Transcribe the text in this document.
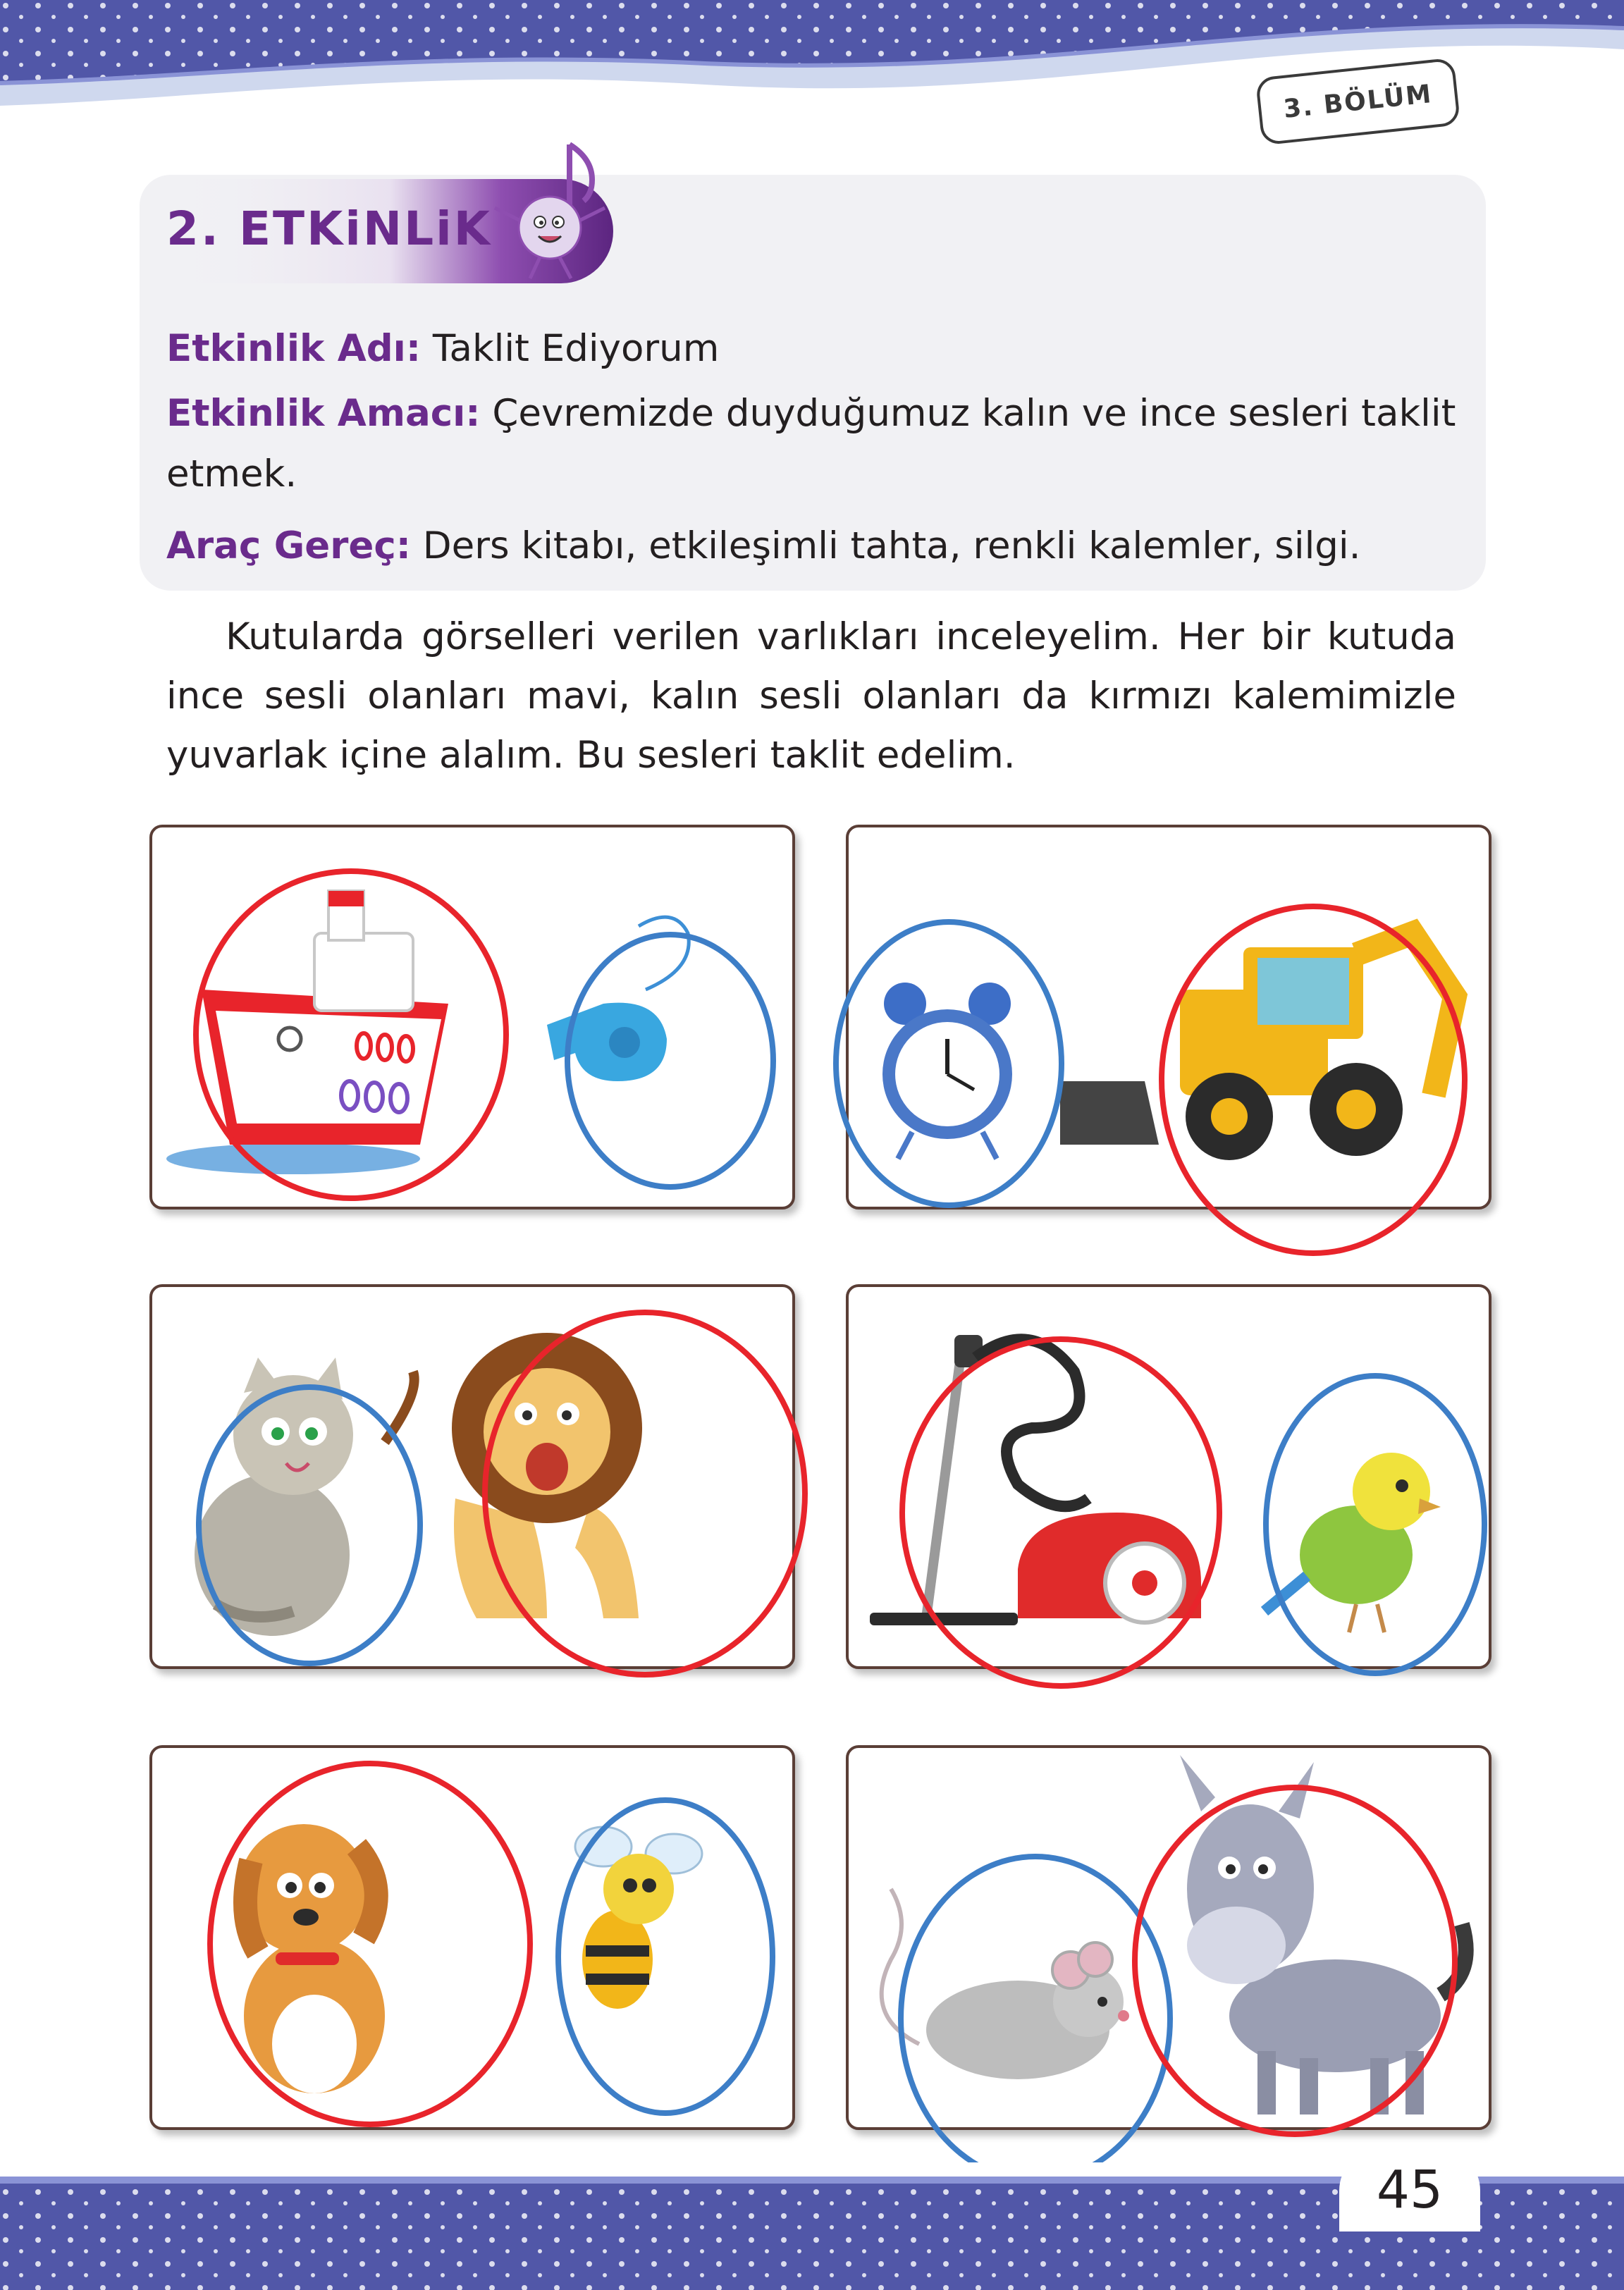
3. BÖLÜM
2. ETKiNLiK
Etkinlik Adı: Taklit Ediyorum
Etkinlik Amacı: Çevremizde duyduğumuz kalın ve ince sesleri taklit
etmek.
Araç Gereç: Ders kitabı, etkileşimli tahta, renkli kalemler, silgi.

Kutularda görselleri verilen varlıkları inceleyelim. Her bir kutuda

ince sesli olanları mavi, kalın sesli olanları da kırmızı kalemimizle

yuvarlak içine alalım. Bu sesleri taklit edelim.

45
